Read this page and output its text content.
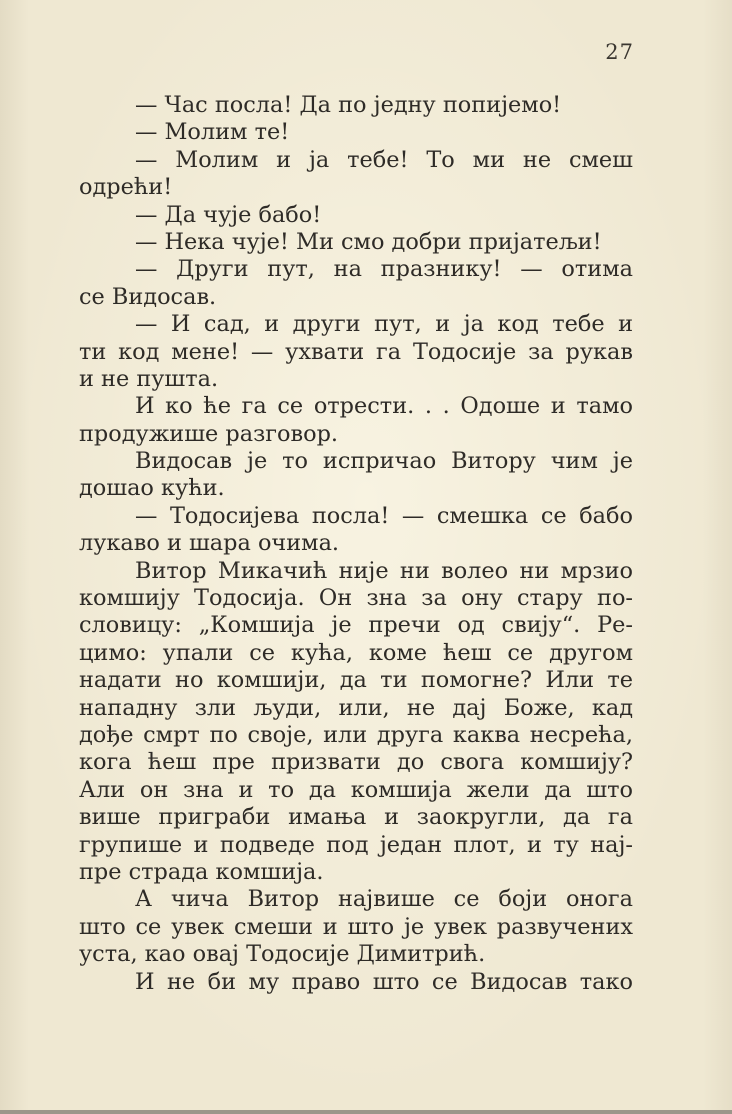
27
— Час посла! Да по једну попијемо!
— Молим те!
— Молим и ја тебе! То ми не смеш
одрећи!
— Да чује бaбо!
— Нека чује! Ми смо добри пријатељи!
— Други пут, на празнику! — отима
се Видосав.
— И сад, и други пут, и ја код тебе и
ти код мене! — ухвати га Тодосије за рукав
и не пушта.
И ко ће га се отрести. . . Одоше и тамо
продужише разговор.
Видосав је то испричао Витору чим је
дошао кући.
— Тодосијева посла! — смешка се бабо
лукаво и шара очима.
Витор Микачић није ни волео ни мрзио
комшију Тодосија. Он зна за ону стару по-
словицу: „Комшија је пречи од свију“. Ре-
цимо: упали се кућа, коме ћеш се другом
надати но комшији, да ти помогне? Или те
нападну зли људи, или, не дај Боже, кад
дође смрт по своје, или друга каква несрећа,
кога ћеш пре призвати до свога комшију?
Али он зна и то да комшија жели да што
више приграби имања и заокругли, да га
групише и подведе под један плот, и ту нај-
пре страда комшија.
А чича Витор највише се боји онога
што се увек смеши и што је увек развучених
уста, као овај Тодосије Димитрић.
И не би му право што се Видосав тако
